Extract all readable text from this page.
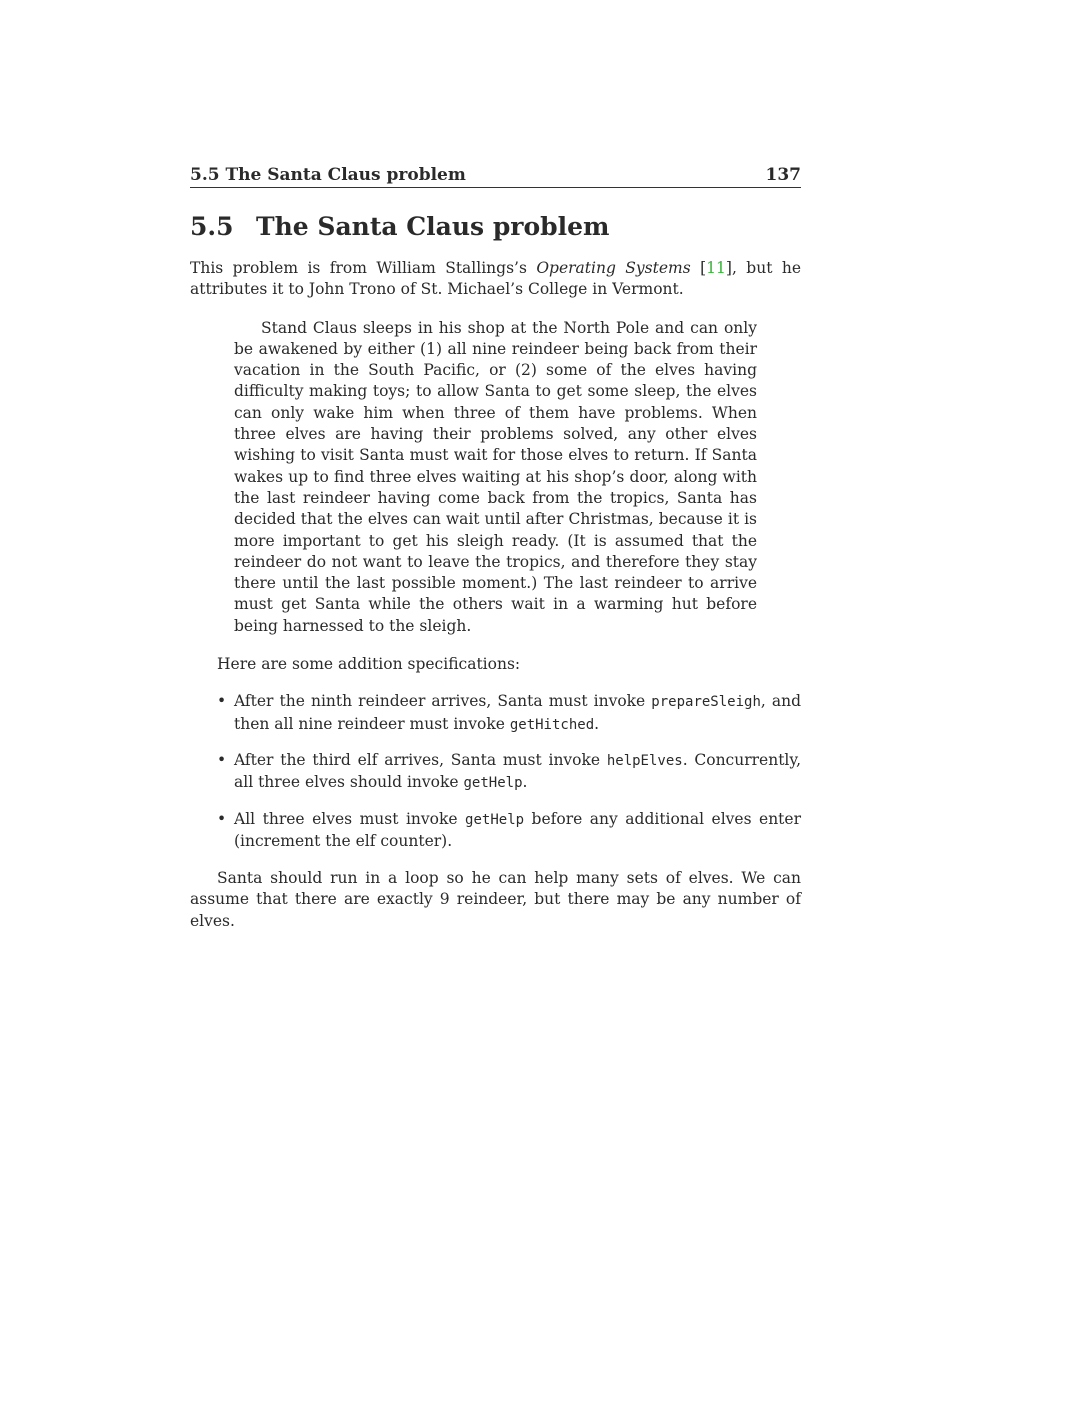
5.5 The Santa Claus problem	137
5.5 The Santa Claus problem

This problem is from William Stallings’s Operating Systems [11], but he attributes it to John Trono of St. Michael’s College in Vermont.

Stand Claus sleeps in his shop at the North Pole and can only be awakened by either (1) all nine reindeer being back from their vacation in the South Pacific, or (2) some of the elves having difficulty making toys; to allow Santa to get some sleep, the elves can only wake him when three of them have problems. When three elves are having their problems solved, any other elves wishing to visit Santa must wait for those elves to return. If Santa wakes up to find three elves waiting at his shop’s door, along with the last reindeer having come back from the tropics, Santa has decided that the elves can wait until after Christmas, because it is more important to get his sleigh ready. (It is assumed that the reindeer do not want to leave the tropics, and therefore they stay there until the last possible moment.) The last reindeer to arrive must get Santa while the others wait in a warming hut before being harnessed to the sleigh.

Here are some addition specifications:

• After the ninth reindeer arrives, Santa must invoke prepareSleigh, and then all nine reindeer must invoke getHitched.
• After the third elf arrives, Santa must invoke helpElves. Concurrently, all three elves should invoke getHelp.
• All three elves must invoke getHelp before any additional elves enter (increment the elf counter).

Santa should run in a loop so he can help many sets of elves. We can assume that there are exactly 9 reindeer, but there may be any number of elves.
